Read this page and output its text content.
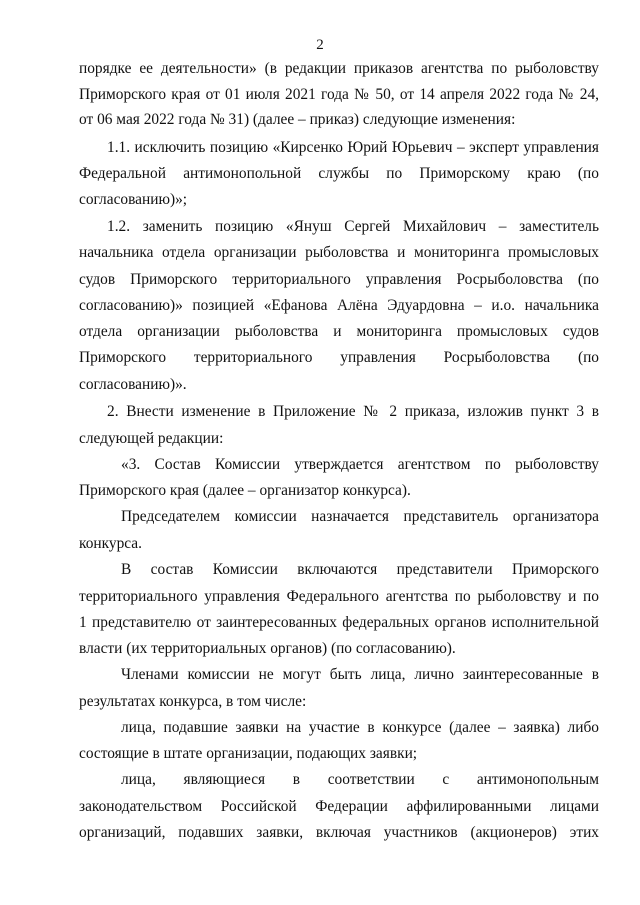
2
порядке ее деятельности» (в редакции приказов агентства по рыболовству
Приморского края от 01 июля 2021 года № 50, от 14 апреля 2022 года № 24,
от 06 мая 2022 года № 31) (далее – приказ) следующие изменения:
1.1. исключить позицию «Кирсенко Юрий Юрьевич – эксперт управления
Федеральной антимонопольной службы по Приморскому краю (по
согласованию)»;
1.2. заменить позицию «Януш Сергей Михайлович – заместитель
начальника отдела организации рыболовства и мониторинга промысловых
судов Приморского территориального управления Росрыболовства (по
согласованию)» позицией «Ефанова Алёна Эдуардовна – и.о. начальника
отдела организации рыболовства и мониторинга промысловых судов
Приморского территориального управления Росрыболовства (по
согласованию)».
2. Внести изменение в Приложение № 2 приказа, изложив пункт 3 в
следующей редакции:
«3. Состав Комиссии утверждается агентством по рыболовству
Приморского края (далее – организатор конкурса).
Председателем комиссии назначается представитель организатора
конкурса.
В состав Комиссии включаются представители Приморского
территориального управления Федерального агентства по рыболовству и по
1 представителю от заинтересованных федеральных органов исполнительной
власти (их территориальных органов) (по согласованию).
Членами комиссии не могут быть лица, лично заинтересованные в
результатах конкурса, в том числе:
лица, подавшие заявки на участие в конкурсе (далее – заявка) либо
состоящие в штате организации, подающих заявки;
лица, являющиеся в соответствии с антимонопольным
законодательством Российской Федерации аффилированными лицами
организаций, подавших заявки, включая участников (акционеров) этих
